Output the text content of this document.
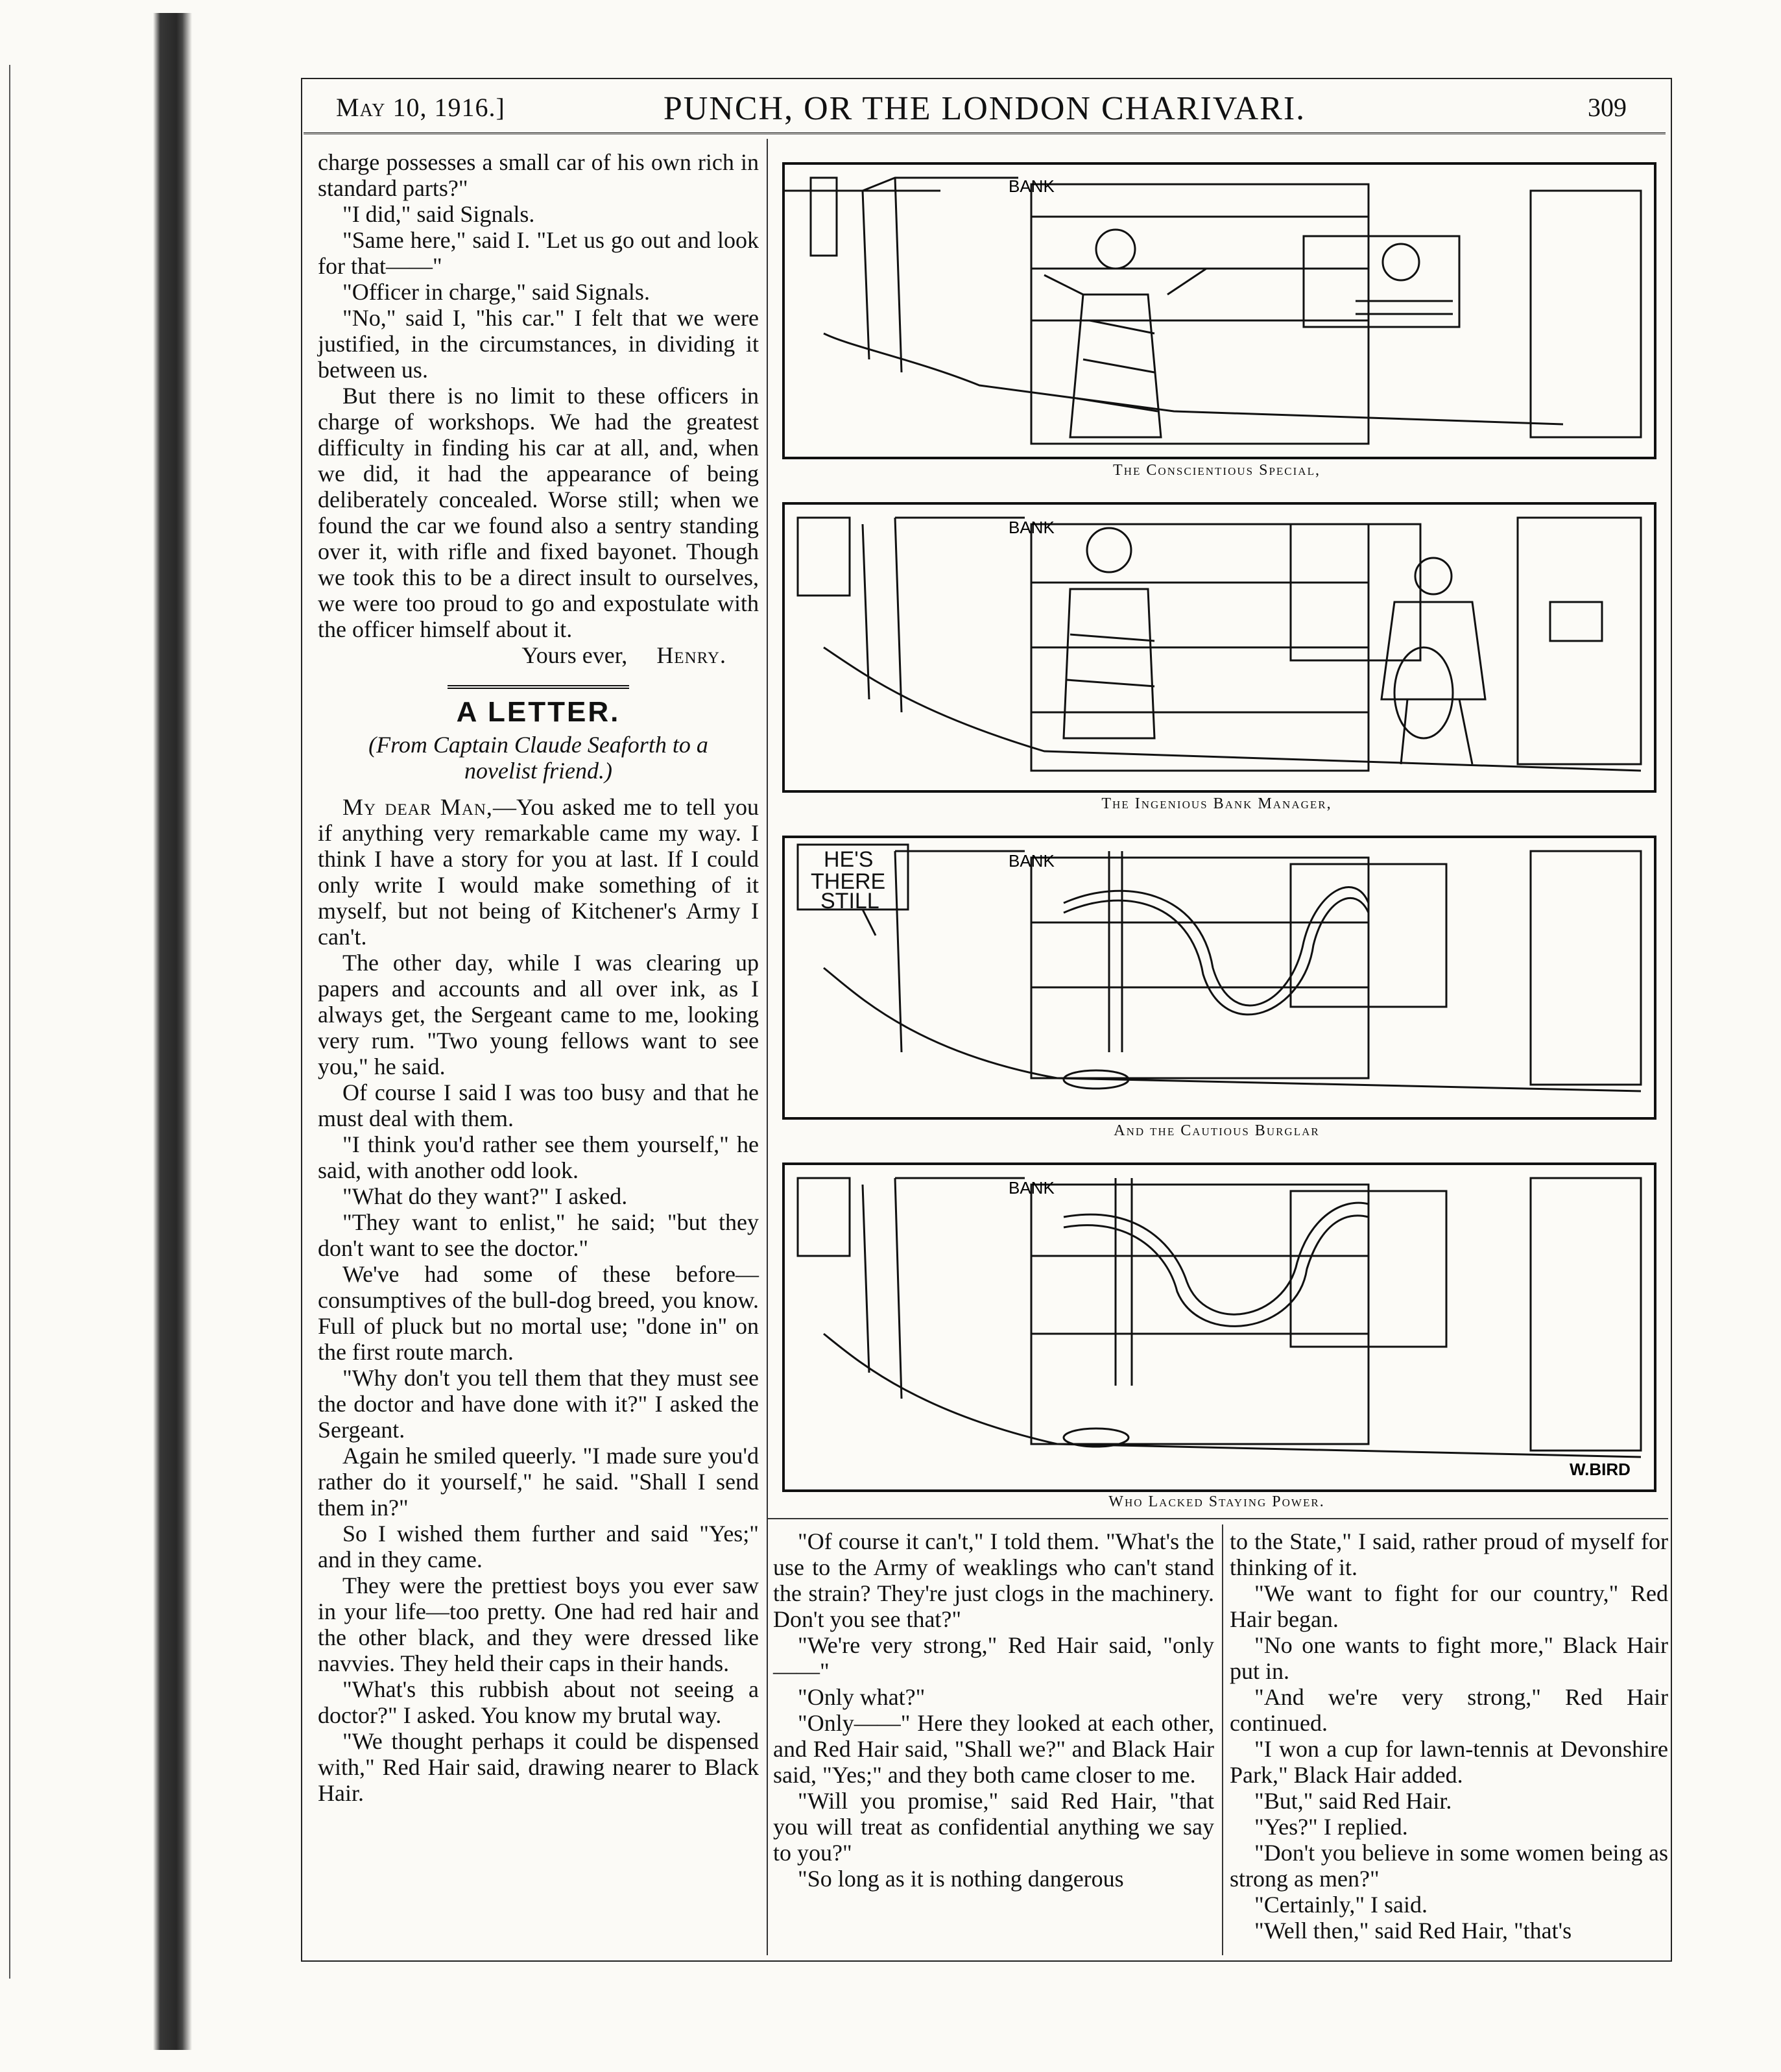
May 10, 1916.]	PUNCH, OR THE LONDON CHARIVARI.	309

charge possesses a small car of his own rich in standard parts?"

"I did," said Signals.

"Same here," said I. "Let us go out and look for that——"

"Officer in charge," said Signals.

"No," said I, "his car." I felt that we were justified, in the circumstances, in dividing it between us.

But there is no limit to these officers in charge of workshops. We had the greatest difficulty in finding his car at all, and, when we did, it had the appearance of being deliberately concealed. Worse still; when we found the car we found also a sentry standing over it, with rifle and fixed bayonet. Though we took this to be a direct insult to ourselves, we were too proud to go and expostulate with the officer himself about it.

Yours ever, Henry.

A LETTER.
(From Captain Claude Seaforth to a novelist friend.)

My dear Man,—You asked me to tell you if anything very remarkable came my way. I think I have a story for you at last. If I could only write I would make something of it myself, but not being of Kitchener's Army I can't.

The other day, while I was clearing up papers and accounts and all over ink, as I always get, the Sergeant came to me, looking very rum. "Two young fellows want to see you," he said.

Of course I said I was too busy and that he must deal with them.

"I think you'd rather see them yourself," he said, with another odd look.

"What do they want?" I asked.

"They want to enlist," he said; "but they don't want to see the doctor."

We've had some of these before—consumptives of the bull-dog breed, you know. Full of pluck but no mortal use; "done in" on the first route march.

"Why don't you tell them that they must see the doctor and have done with it?" I asked the Sergeant.

Again he smiled queerly. "I made sure you'd rather do it yourself," he said. "Shall I send them in?"

So I wished them further and said "Yes;" and in they came.

They were the prettiest boys you ever saw in your life—too pretty. One had red hair and the other black, and they were dressed like navvies. They held their caps in their hands.

"What's this rubbish about not seeing a doctor?" I asked. You know my brutal way.

"We thought perhaps it could be dispensed with," Red Hair said, drawing nearer to Black Hair.

"Of course it can't," I told them. "What's the use to the Army of weaklings who can't stand the strain? They're just clogs in the machinery. Don't you see that?"

"We're very strong," Red Hair said, "only——"

"Only what?"

"Only——" Here they looked at each other, and Red Hair said, "Shall we?" and Black Hair said, "Yes;" and they both came closer to me.

"Will you promise," said Red Hair, "that you will treat as confidential anything we say to you?"

"So long as it is nothing dangerous

to the State," I said, rather proud of myself for thinking of it.

"We want to fight for our country," Red Hair began.

"No one wants to fight more," Black Hair put in.

"And we're very strong," Red Hair continued.

"I won a cup for lawn-tennis at Devonshire Park," Black Hair added.

"But," said Red Hair.

"Yes?" I replied.

"Don't you believe in some women being as strong as men?"

"Certainly," I said.

"Well then," said Red Hair, "that's

BANK
The Conscientious Special,
BANK
The Ingenious Bank Manager,
HE'S
THERE
STILL
BANK
And the Cautious Burglar
BANK
W.BIRD
Who Lacked Staying Power.
